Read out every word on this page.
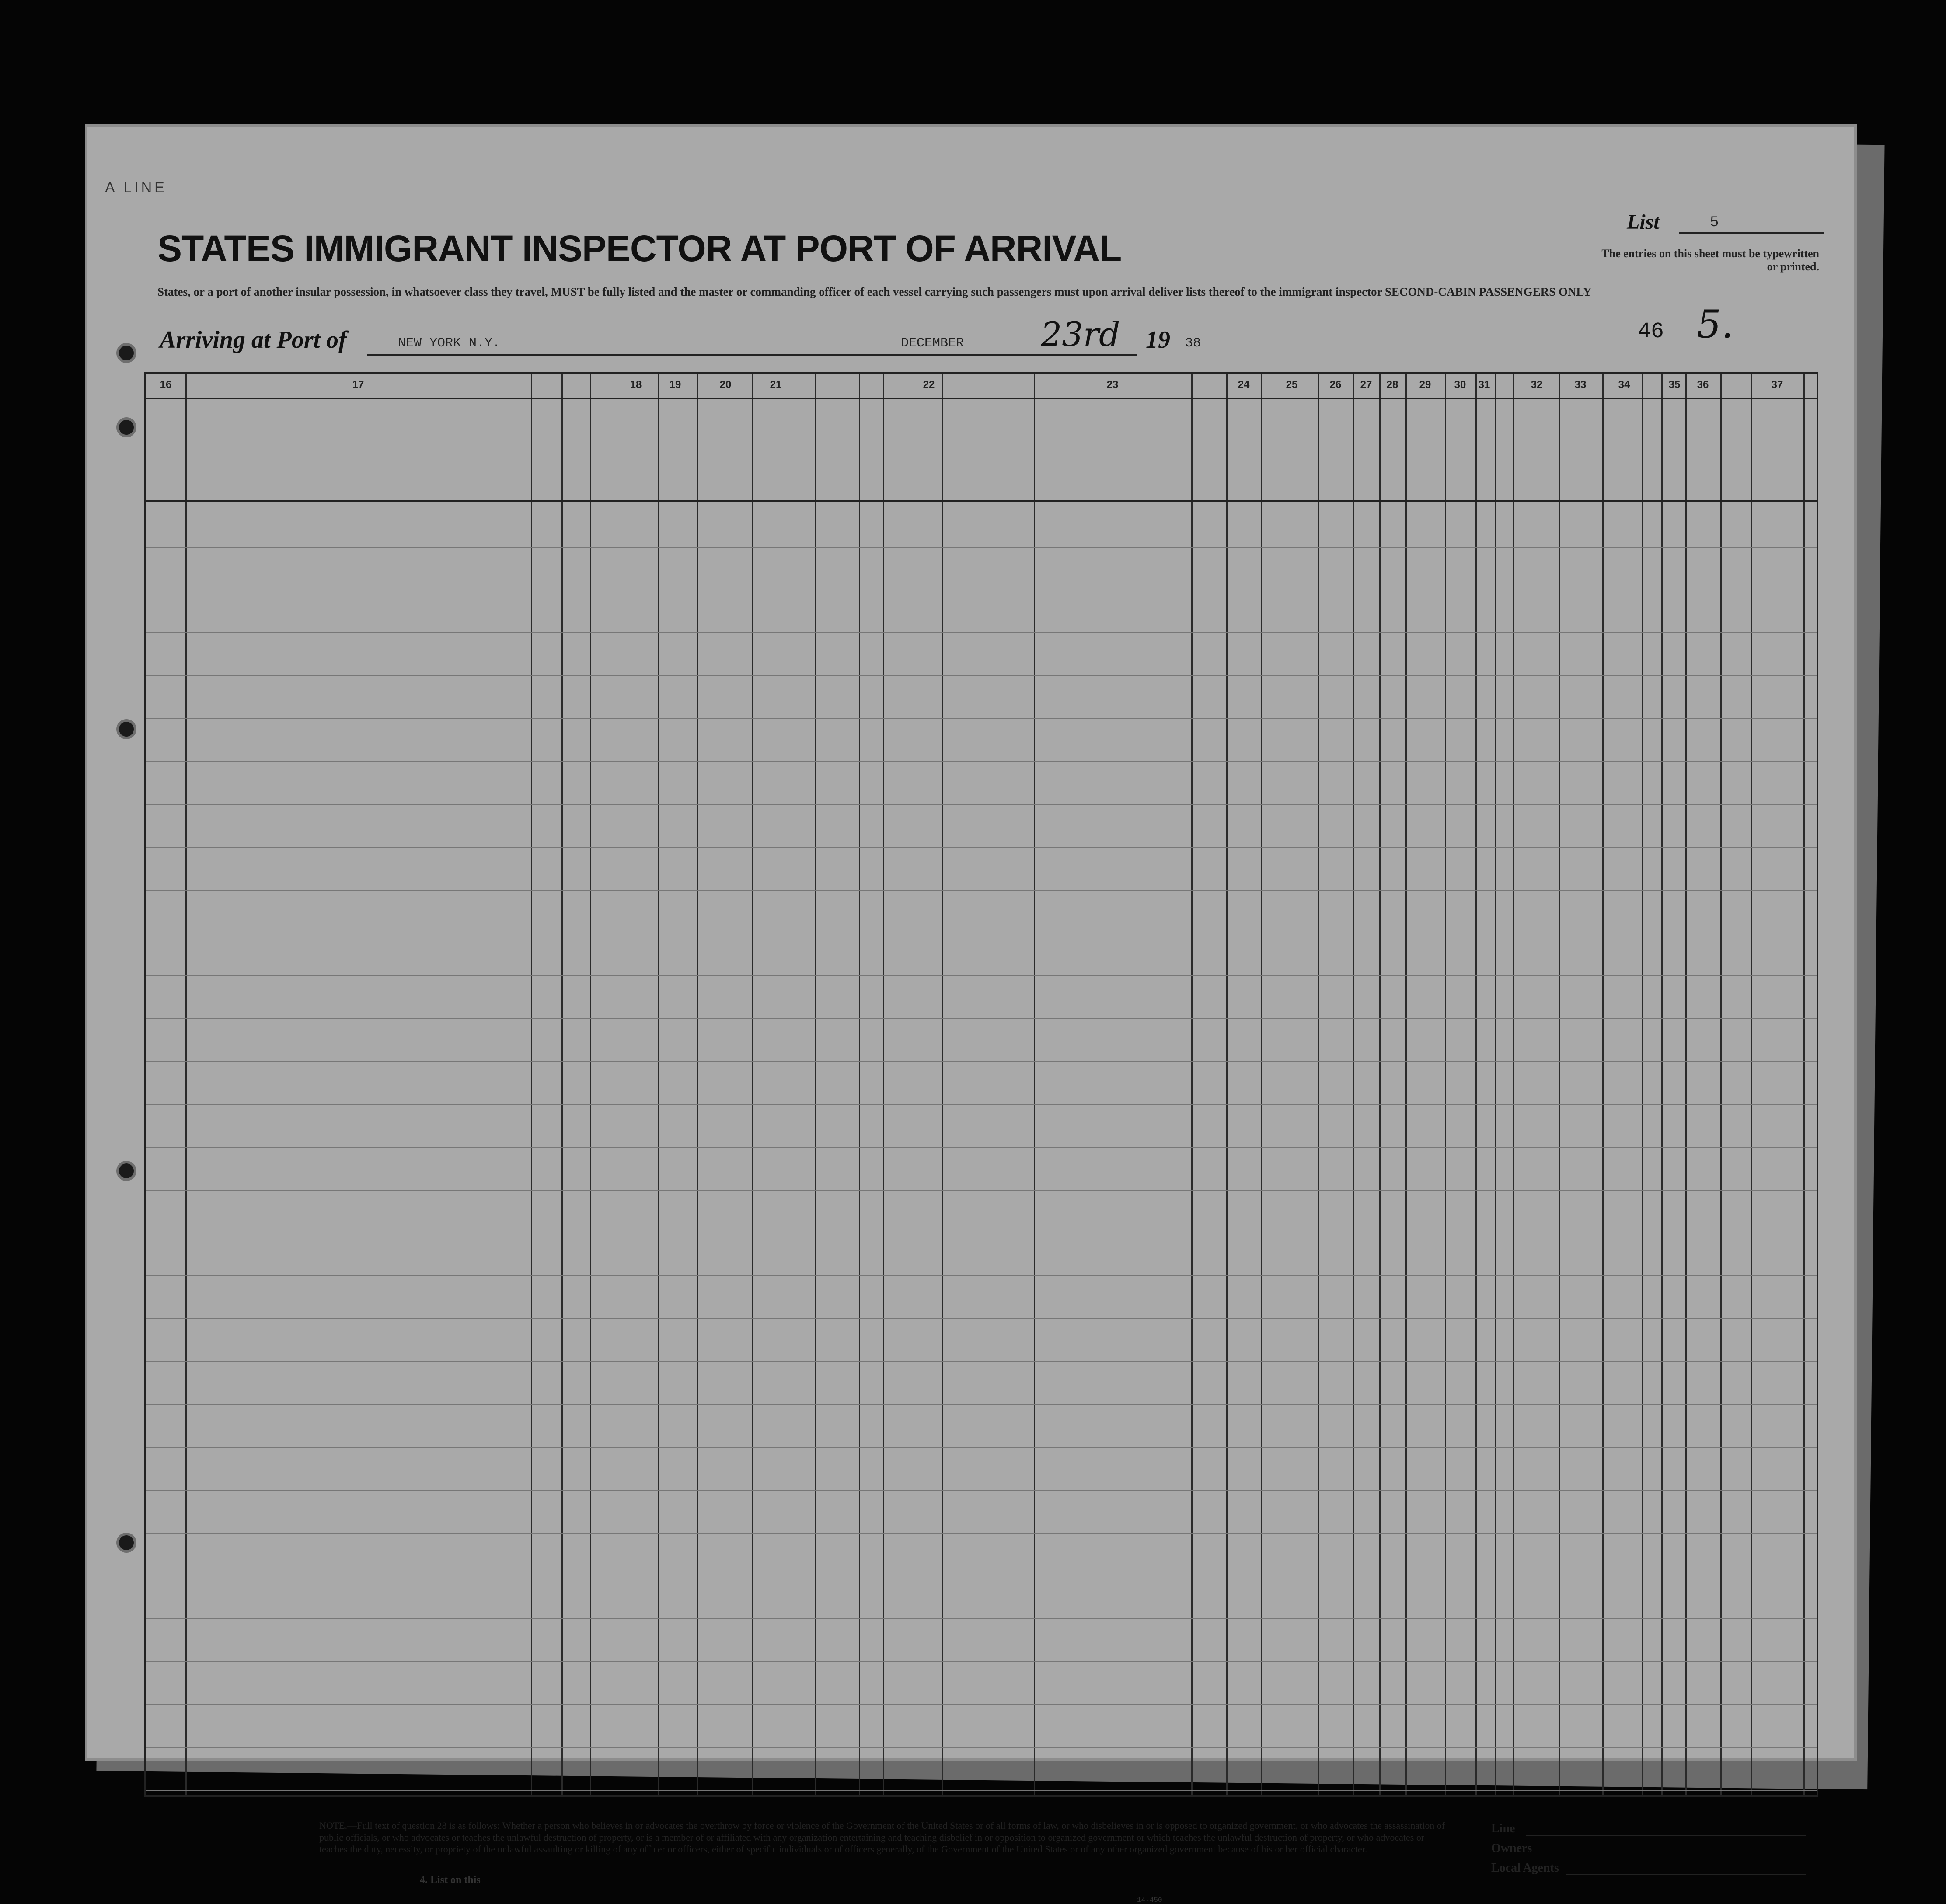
A LINE
STATES IMMIGRANT INSPECTOR AT PORT OF ARRIVAL
States, or a port of another insular possession, in whatsoever class they travel, MUST be fully listed and the master or commanding officer of each vessel carrying such passengers must upon arrival deliver lists thereof to the immigrant inspector SECOND-CABIN PASSENGERS ONLY
List	5
The entries on this sheet must be typewritten or printed.
46 5.
Arriving at Port of	NEW YORK N.Y.	DECEMBER 23rd 19 38
16	17	18	19	20	21	22	23	24	25	26	27	28	29	30	31	32	33	34	35	36	37
NOTE.—Full text of question 28 is as follows: Whether a person who believes in or advocates the overthrow by force or violence of the Government of the United States or of all forms of law, or who disbelieves in or is opposed to organized government, or who advocates the assassination of public officials, or who advocates or teaches the unlawful destruction of property, or is a member of or affiliated with any organization entertaining and teaching disbelief in or opposition to organized government or which teaches the unlawful destruction of property, or who advocates or teaches the duty, necessity, or propriety of the unlawful assaulting or killing of any officer or officers, either of specific individuals or of officers generally, of the Government of the United States or of any other organized government because of his or her official character.
14-450
Line
Owners
Local Agents
4. List on this
